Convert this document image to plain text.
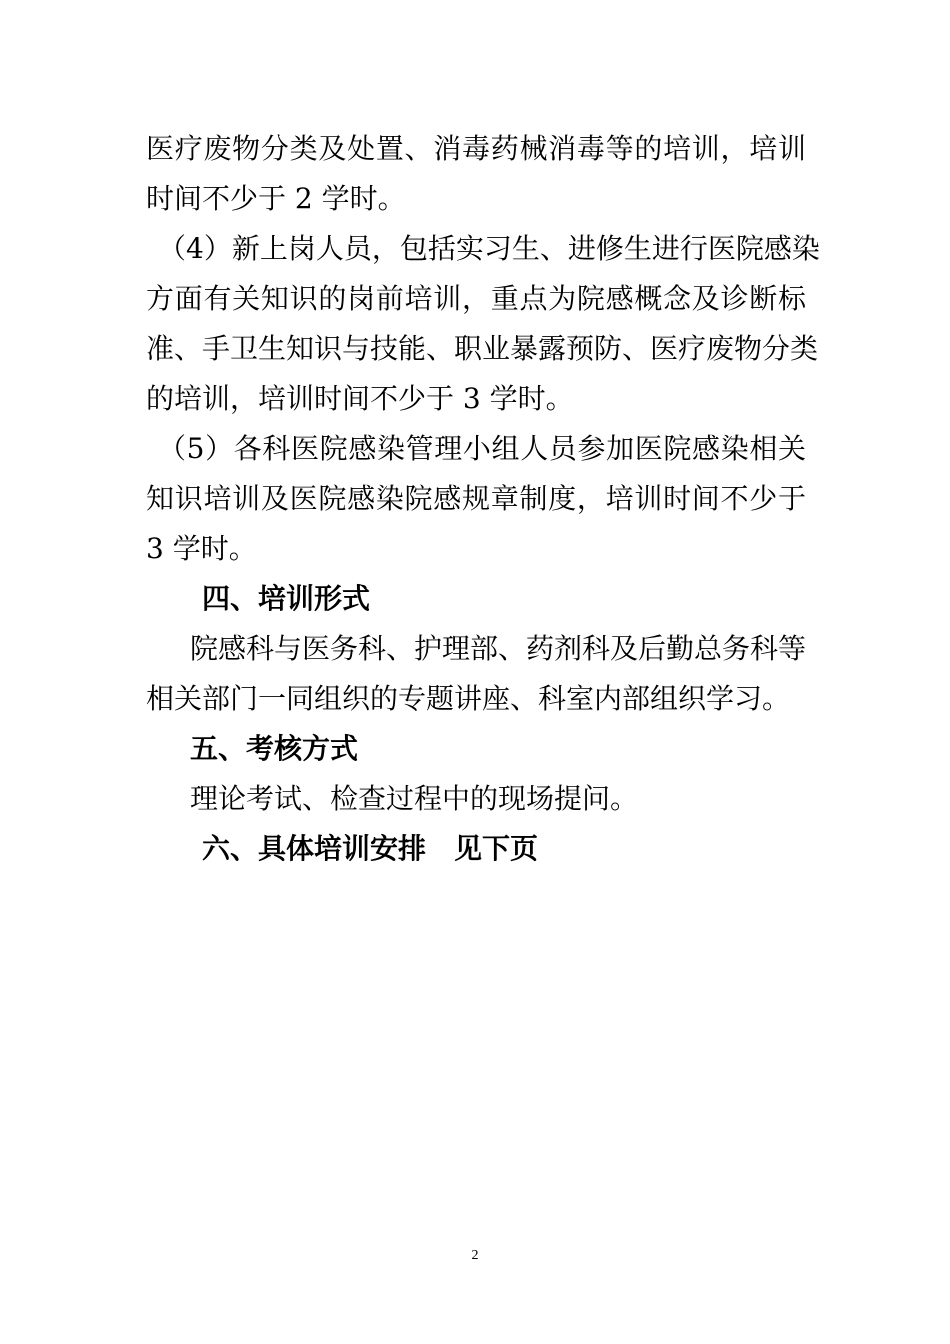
医疗废物分类及处置、消毒药械消毒等的培训，培训
时间不少于 2 学时。
（4）新上岗人员，包括实习生、进修生进行医院感染
方面有关知识的岗前培训，重点为院感概念及诊断标
准、手卫生知识与技能、职业暴露预防、医疗废物分类
的培训，培训时间不少于 3 学时。
（5）各科医院感染管理小组人员参加医院感染相关
知识培训及医院感染院感规章制度，培训时间不少于
3 学时。
四、培训形式
院感科与医务科、护理部、药剂科及后勤总务科等
相关部门一同组织的专题讲座、科室内部组织学习。
五、考核方式
理论考试、检查过程中的现场提问。
六、具体培训安排　见下页
2
